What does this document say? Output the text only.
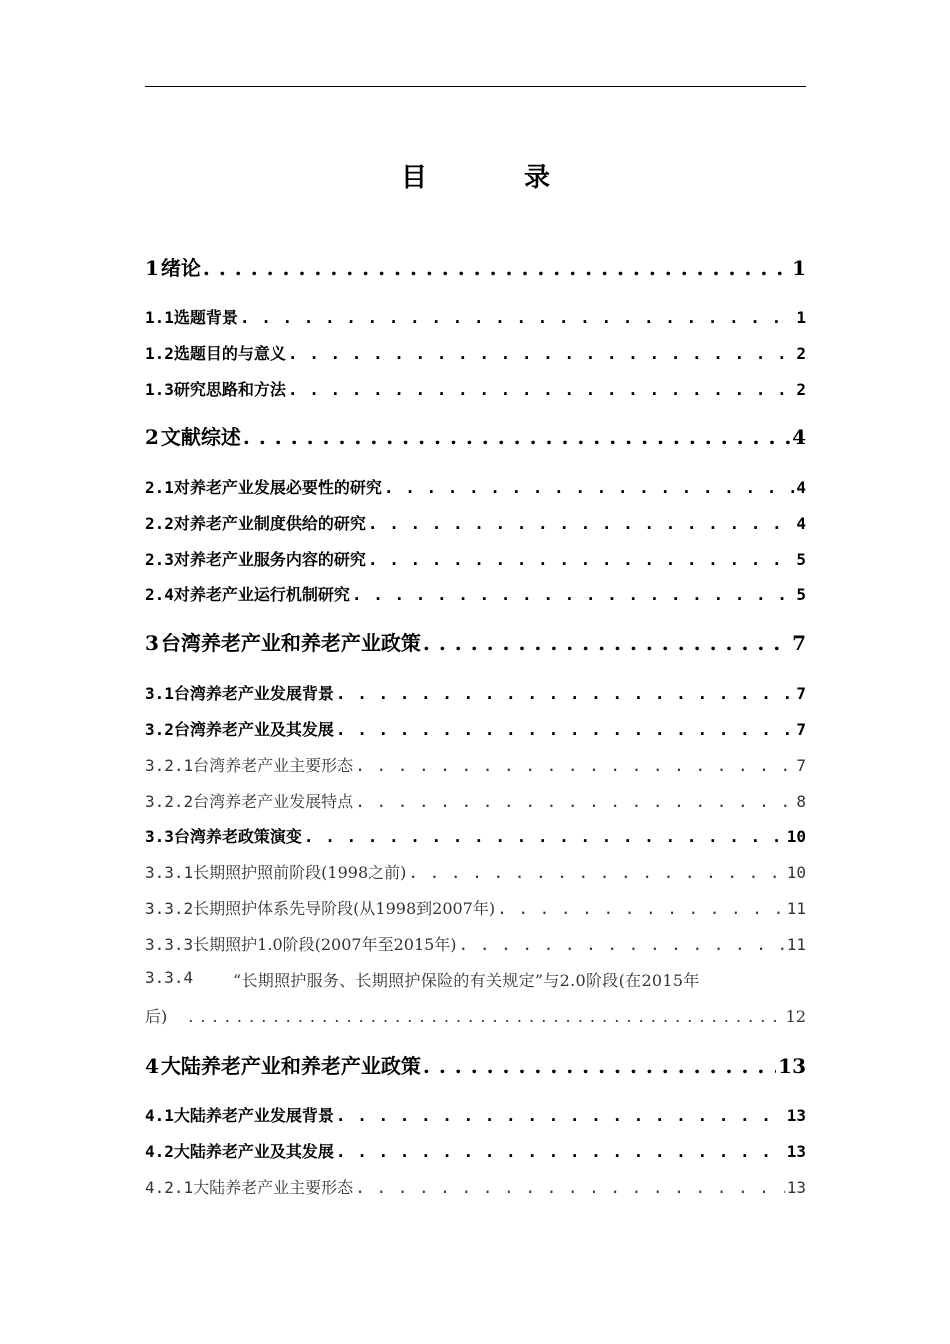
目 录
1 绪论 . . .	1
1.1 选题背景 . . .	1
1.2 选题目的与意义 . . .	2
1.3 研究思路和方法 . . .	2
2 文献综述 . . .	4
2.1 对养老产业发展必要性的研究 . . .	4
2.2 对养老产业制度供给的研究 . . .	4
2.3 对养老产业服务内容的研究 . . .	5
2.4 对养老产业运行机制研究 . . .	5
3 台湾养老产业和养老产业政策 . . .	7
3.1 台湾养老产业发展背景 . . .	7
3.2 台湾养老产业及其发展 . . .	7
3.2.1 台湾养老产业主要形态 . . .	7
3.2.2 台湾养老产业发展特点 . . .	8
3.3 台湾养老政策演变 . . .	10
3.3.1 长期照护照前阶段(1998之前) . . .	10
3.3.2 长期照护体系先导阶段(从1998到2007年) . . .	11
3.3.3 长期照护1.0阶段(2007年至2015年) . . .	11
3.3.4	“长期照护服务、长期照护保险的有关规定”与2.0阶段(在2015年
后) . . .	12
4 大陆养老产业和养老产业政策 . . .	13
4.1 大陆养老产业发展背景 . . .	13
4.2 大陆养老产业及其发展 . . .	13
4.2.1 大陆养老产业主要形态 . . .	13
